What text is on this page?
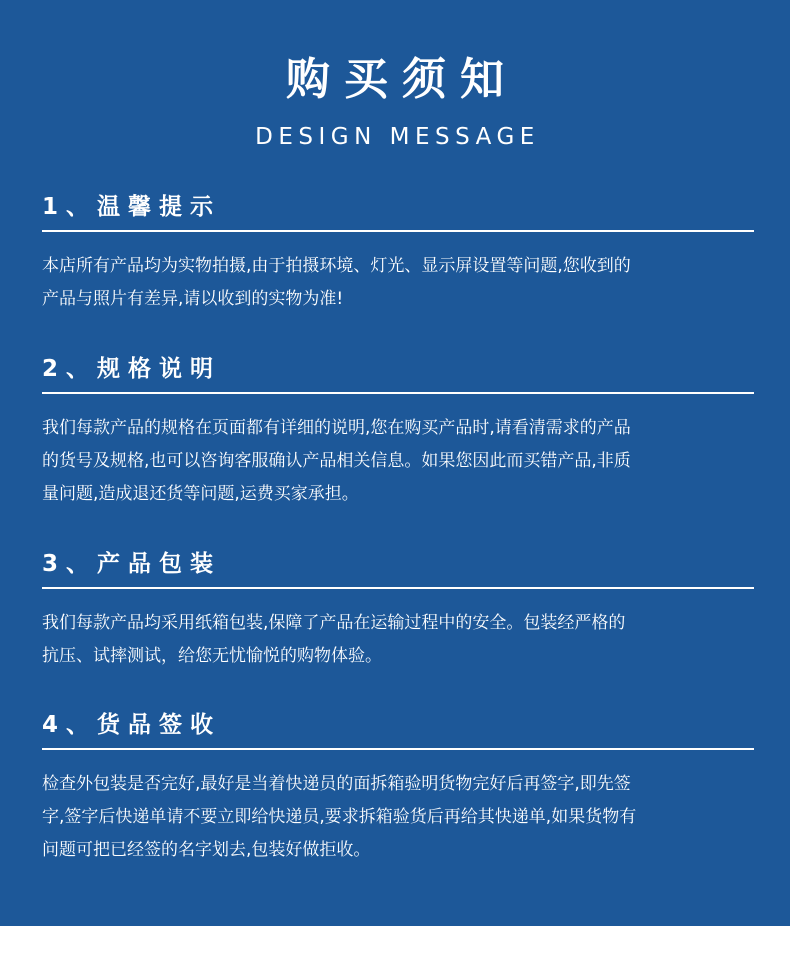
购买须知
DESIGN MESSAGE
1、温馨提示
本店所有产品均为实物拍摄,由于拍摄环境、灯光、显示屏设置等问题,您收到的
产品与照片有差异,请以收到的实物为准!
2、规格说明
我们每款产品的规格在页面都有详细的说明,您在购买产品时,请看清需求的产品
的货号及规格,也可以咨询客服确认产品相关信息。如果您因此而买错产品,非质
量问题,造成退还货等问题,运费买家承担。
3、产品包装
我们每款产品均采用纸箱包装,保障了产品在运输过程中的安全。包装经严格的
抗压、试摔测试，给您无忧愉悦的购物体验。
4、货品签收
检查外包装是否完好,最好是当着快递员的面拆箱验明货物完好后再签字,即先签
字,签字后快递单请不要立即给快递员,要求拆箱验货后再给其快递单,如果货物有
问题可把已经签的名字划去,包装好做拒收。
